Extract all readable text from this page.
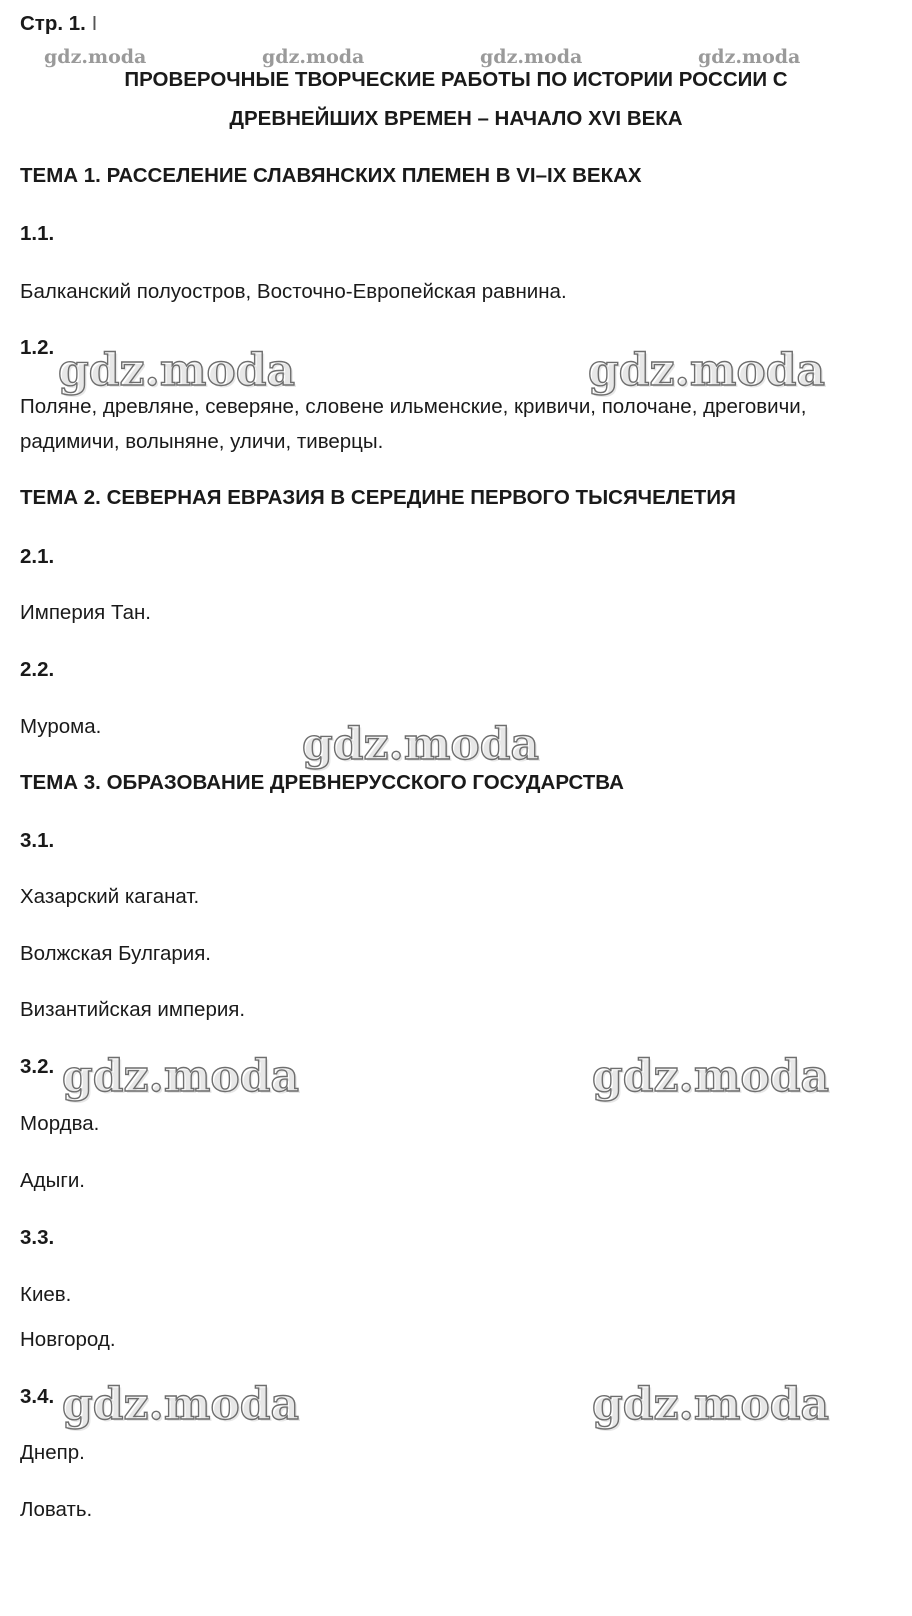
Стр. 1. I
ПРОВЕРОЧНЫЕ ТВОРЧЕСКИЕ РАБОТЫ ПО ИСТОРИИ РОССИИ С
ДРЕВНЕЙШИХ ВРЕМЕН – НАЧАЛО XVI ВЕКА
ТЕМА 1. РАССЕЛЕНИЕ СЛАВЯНСКИХ ПЛЕМЕН В VI–IX ВЕКАХ
1.1.
Балканский полуостров, Восточно-Европейская равнина.
1.2.
Поляне, древляне, северяне, словене ильменские, кривичи, полочане, дреговичи,
радимичи, волыняне, уличи, тиверцы.
ТЕМА 2. СЕВЕРНАЯ ЕВРАЗИЯ В СЕРЕДИНЕ ПЕРВОГО ТЫСЯЧЕЛЕТИЯ
2.1.
Империя Тан.
2.2.
Мурома.
ТЕМА 3. ОБРАЗОВАНИЕ ДРЕВНЕРУССКОГО ГОСУДАРСТВА
3.1.
Хазарский каганат.
Волжская Булгария.
Византийская империя.
3.2.
Мордва.
Адыги.
3.3.
Киев.
Новгород.
3.4.
Днепр.
Ловать.
gdz.moda	gdz.moda	gdz.moda	gdz.moda
gdz.moda	gdz.moda
gdz.moda
gdz.moda	gdz.moda
gdz.moda	gdz.moda
